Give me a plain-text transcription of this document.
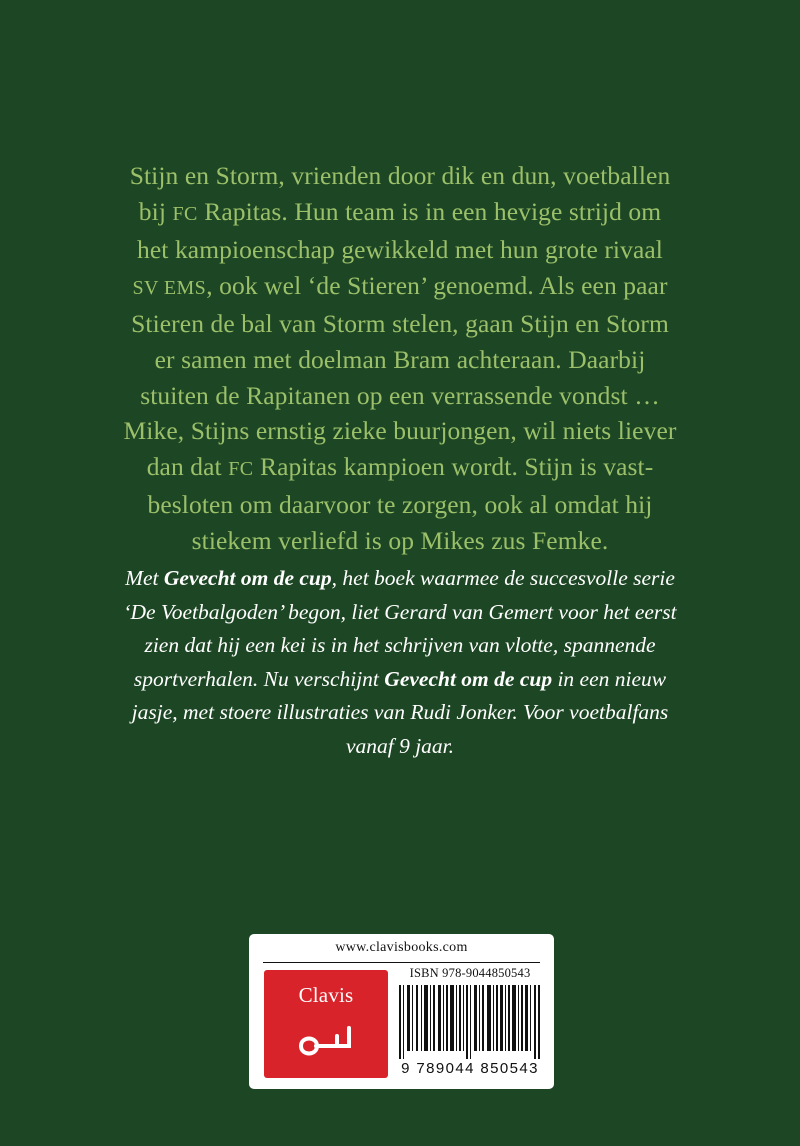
Stijn en Storm, vrienden door dik en dun, voetballen
bij FC Rapitas. Hun team is in een hevige strijd om
het kampioenschap gewikkeld met hun grote rivaal
SV EMS, ook wel ‘de Stieren’ genoemd. Als een paar
Stieren de bal van Storm stelen, gaan Stijn en Storm
er samen met doelman Bram achteraan. Daarbij
stuiten de Rapitanen op een verrassende vondst …
Mike, Stijns ernstig zieke buurjongen, wil niets liever
dan dat FC Rapitas kampioen wordt. Stijn is vast-
besloten om daarvoor te zorgen, ook al omdat hij
stiekem verliefd is op Mikes zus Femke.
Met Gevecht om de cup, het boek waarmee de succesvolle serie ‘De Voetbalgoden’ begon, liet Gerard van Gemert voor het eerst zien dat hij een kei is in het schrijven van vlotte, spannende sportverhalen. Nu verschijnt Gevecht om de cup in een nieuw jasje, met stoere illustraties van Rudi Jonker. Voor voetbalfans vanaf 9 jaar.
www.clavisbooks.com
Clavis
ISBN 978-9044850543
9 789044 850543
